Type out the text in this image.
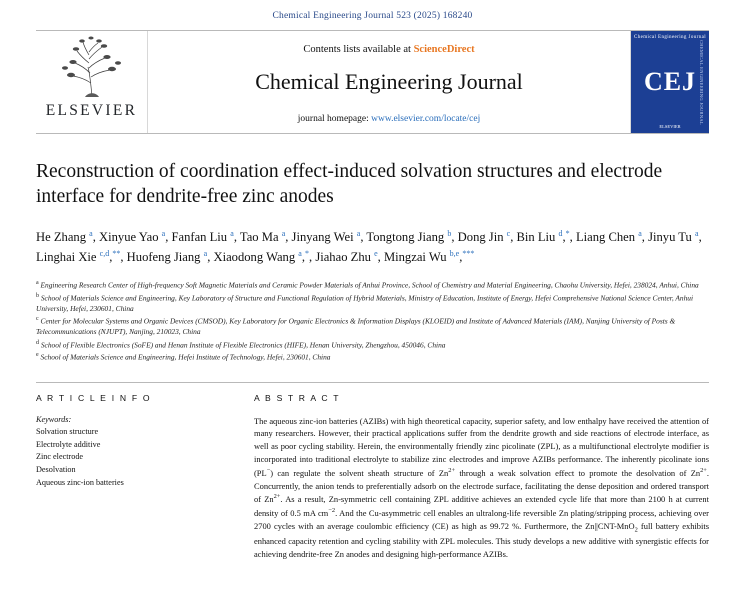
Chemical Engineering Journal 523 (2025) 168240
ELSEVIER
Contents lists available at ScienceDirect
Chemical Engineering Journal
journal homepage: www.elsevier.com/locate/cej
Chemical Engineering Journal
CEJ CHEMICAL ENGINEERING JOURNAL
ELSEVIER
Reconstruction of coordination effect-induced solvation structures and electrode interface for dendrite-free zinc anodes
He Zhang $^a$, Xinyue Yao $^a$, Fanfan Liu $^a$, Tao Ma $^a$, Jinyang Wei $^a$, Tongtong Jiang $^b$, Dong Jin $^c$, Bin Liu $^d$,*, Liang Chen $^a$, Jinyu Tu $^a$, Linghai Xie $^{c,d}$,**, Huofeng Jiang $^a$, Xiaodong Wang $^a$,*, Jiahao Zhu $^e$, Mingzai Wu $^{b,e}$,***
$^a$ Engineering Research Center of High-frequency Soft Magnetic Materials and Ceramic Powder Materials of Anhui Province, School of Chemistry and Material Engineering, Chaohu University, Hefei, 238024, Anhui, China
$^b$ School of Materials Science and Engineering, Key Laboratory of Structure and Functional Regulation of Hybrid Materials, Ministry of Education, Institute of Energy, Hefei Comprehensive National Science Center, Anhui University, Hefei, 230601, China
$^c$ Center for Molecular Systems and Organic Devices (CMSOD), Key Laboratory for Organic Electronics & Information Displays (KLOEID) and Institute of Advanced Materials (IAM), Nanjing University of Posts & Telecommunications (NJUPT), Nanjing, 210023, China
$^d$ School of Flexible Electronics (SoFE) and Henan Institute of Flexible Electronics (HIFE), Henan University, Zhengzhou, 450046, China
$^e$ School of Materials Science and Engineering, Hefei Institute of Technology, Hefei, 230601, China
A R T I C L E I N F O
Keywords:
Solvation structure
Electrolyte additive
Zinc electrode
Desolvation
Aqueous zinc-ion batteries
A B S T R A C T
The aqueous zinc-ion batteries (AZIBs) with high theoretical capacity, superior safety, and low enthalpy have received the attention of many researchers. However, their practical applications suffer from the dendrite growth and side reactions of electrode interface, as well as poor cycling stability. Herein, the environmentally friendly zinc picolinate (ZPL), as a multifunctional electrolyte modifier is incorporated into traditional electrolyte to stabilize zinc electrodes and improve AZIBs performance. The inherently picolinate ions (PL−) can regulate the solvent sheath structure of $Zn^{2+}$ through a weak solvation effect to promote the desolvation of $Zn^{2+}$. Concurrently, the anion tends to preferentially adsorb on the electrode surface, facilitating the dense deposition and ordered transport of $Zn^{2+}$. As a result, Zn-symmetric cell containing ZPL additive achieves an extended cycle life that more than 2100 h at current density of 0.5 mA $cm^{-2}$. And the Cu-asymmetric cell enables an ultralong-life reversible Zn plating/stripping process, achieving over 2700 cycles with an average coulombic efficiency (CE) as high as 99.72 %. Furthermore, the Zn||CNT-MnO$_2$ full battery exhibits enhanced capacity retention and cycling stability with ZPL molecules. This study develops a new additive with synergistic effects for achieving dendrite-free Zn anodes and designing high-performance AZIBs.
